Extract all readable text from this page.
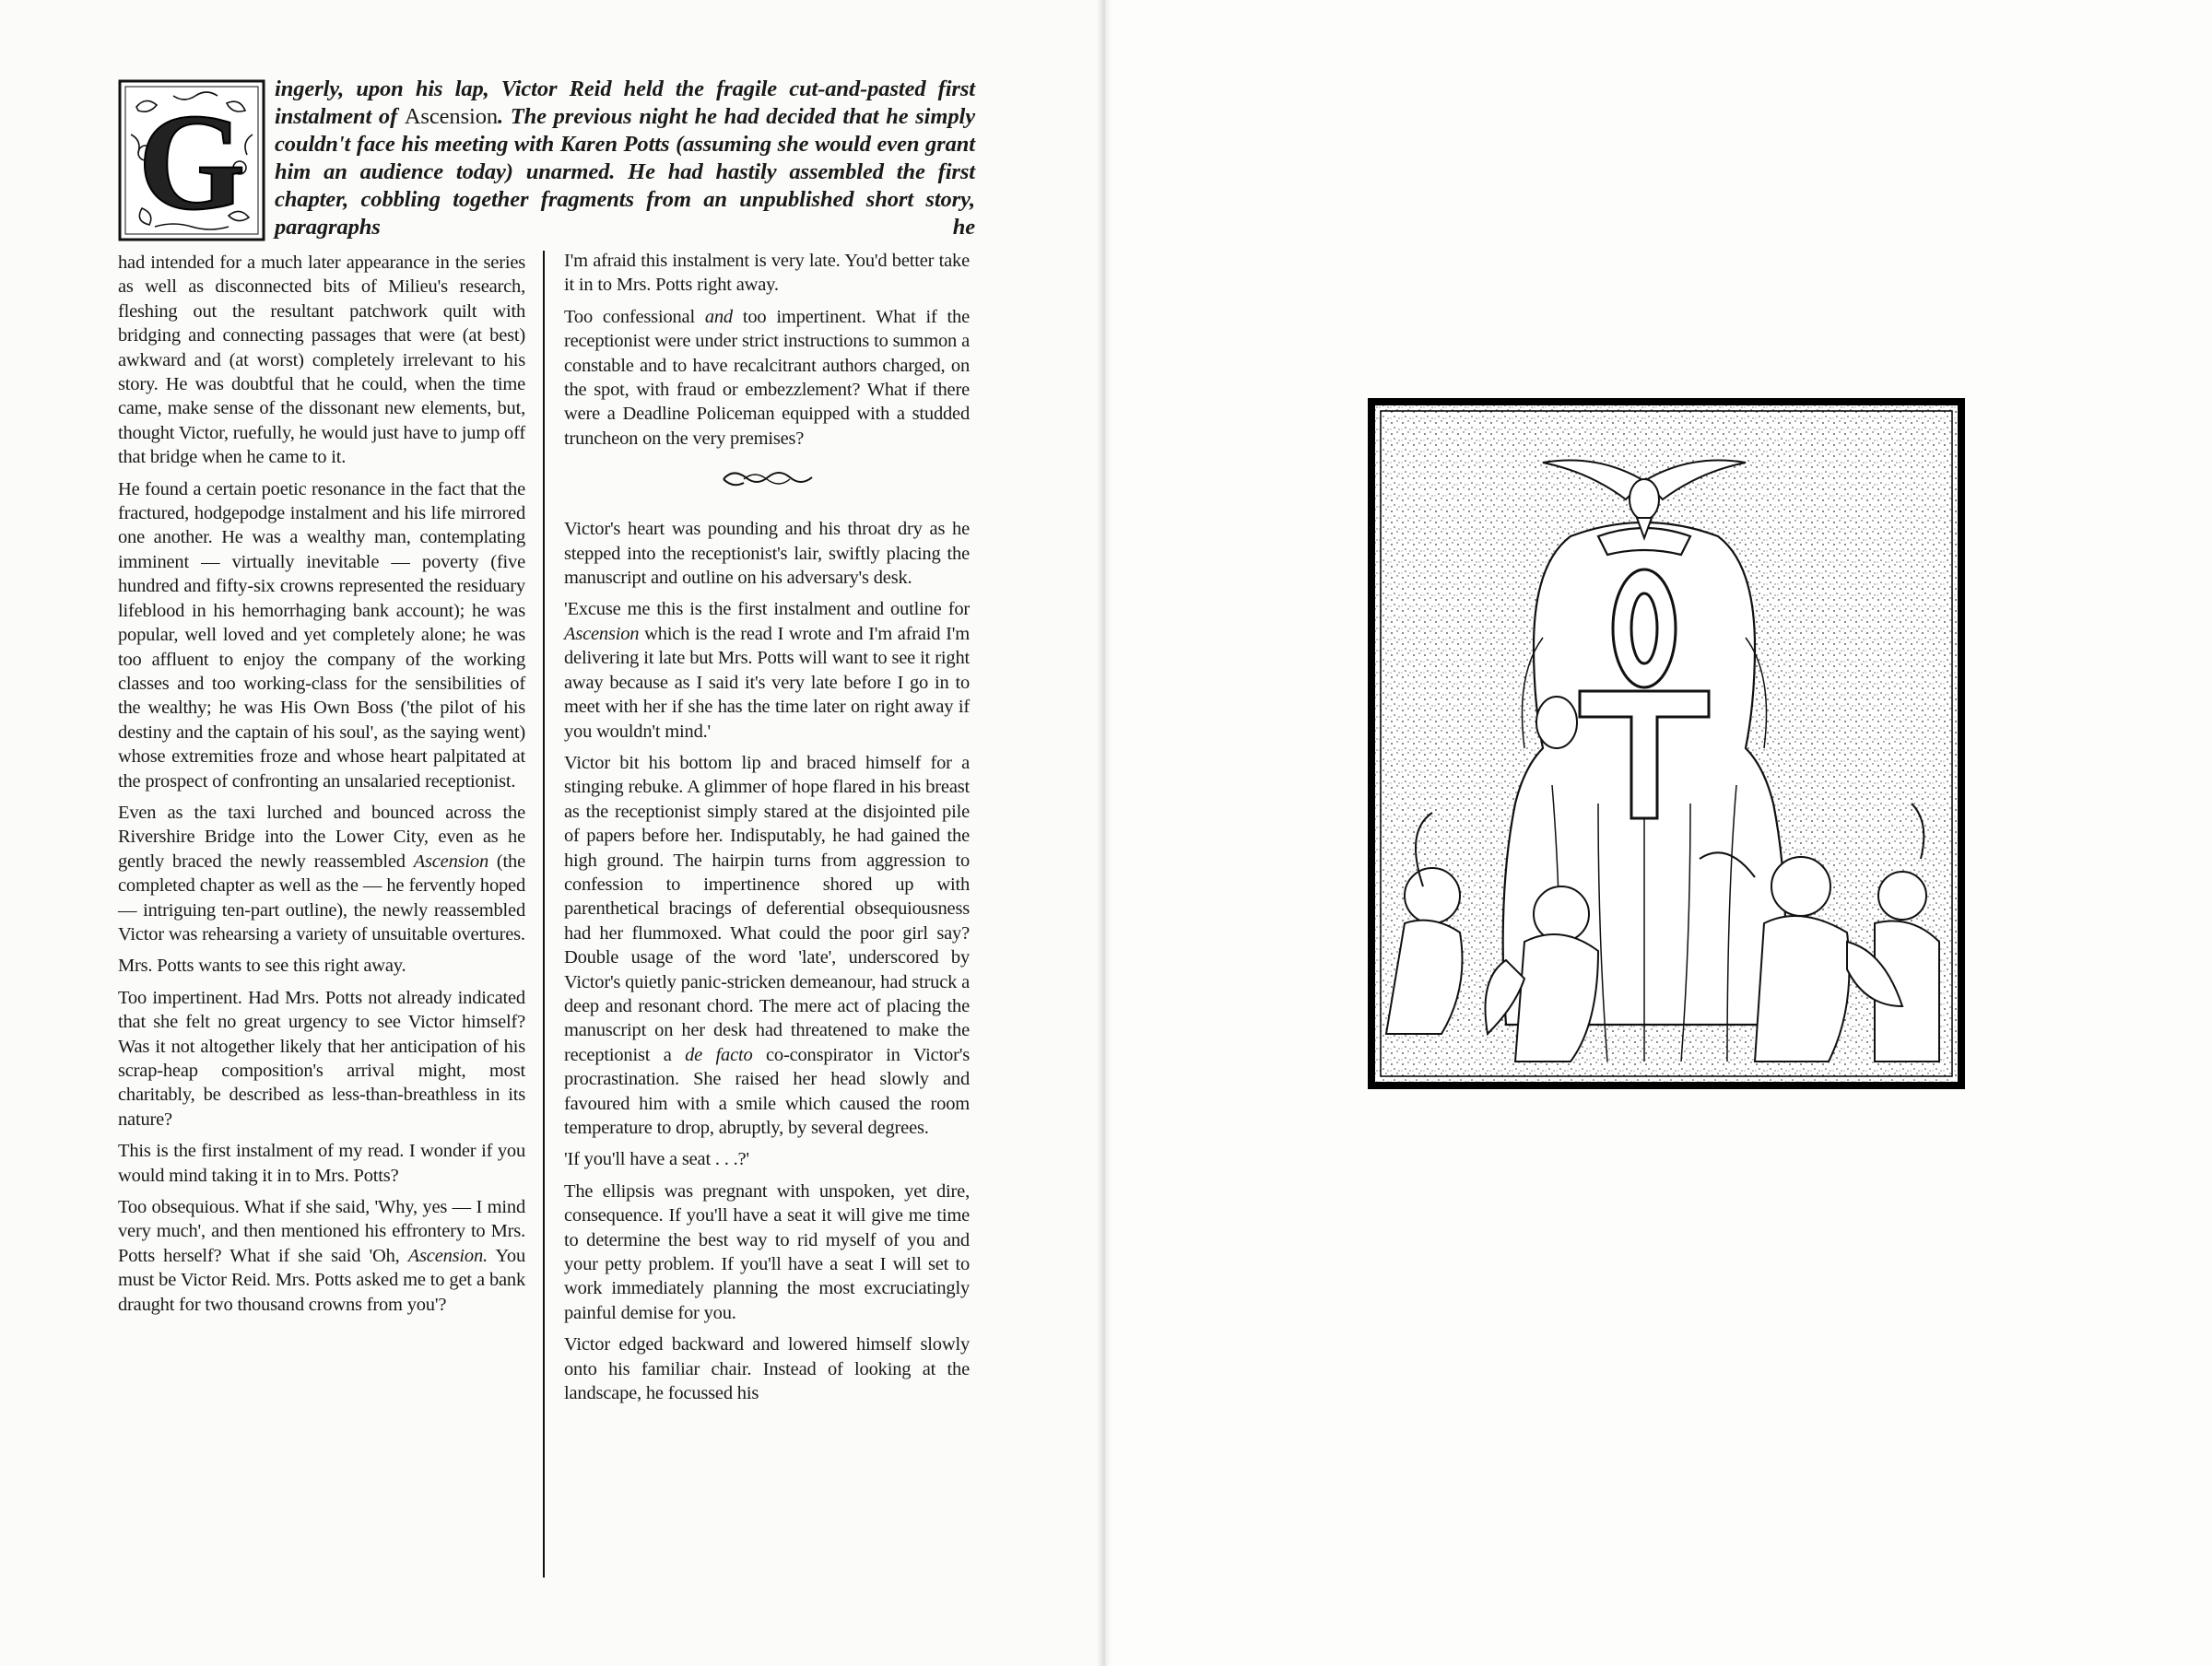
G ingerly, upon his lap, Victor Reid held the fragile cut-and-pasted first instalment of Ascension. The previous night he had decided that he simply couldn't face his meeting with Karen Potts (assuming she would even grant him an audience today) unarmed. He had hastily assembled the first chapter, cobbling together fragments from an unpublished short story, paragraphs he

had intended for a much later appearance in the series as well as disconnected bits of Milieu's research, fleshing out the resultant patchwork quilt with bridging and connecting passages that were (at best) awkward and (at worst) completely irrelevant to his story. He was doubtful that he could, when the time came, make sense of the dissonant new elements, but, thought Victor, ruefully, he would just have to jump off that bridge when he came to it.

He found a certain poetic resonance in the fact that the fractured, hodgepodge instalment and his life mirrored one another. He was a wealthy man, contemplating imminent — virtually inevitable — poverty (five hundred and fifty-six crowns represented the residuary lifeblood in his hemorrhaging bank account); he was popular, well loved and yet completely alone; he was too affluent to enjoy the company of the working classes and too working-class for the sensibilities of the wealthy; he was His Own Boss ('the pilot of his destiny and the captain of his soul', as the saying went) whose extremities froze and whose heart palpitated at the prospect of confronting an unsalaried receptionist.

Even as the taxi lurched and bounced across the Rivershire Bridge into the Lower City, even as he gently braced the newly reassembled Ascension (the completed chapter as well as the — he fervently hoped — intriguing ten-part outline), the newly reassembled Victor was rehearsing a variety of unsuitable overtures.

Mrs. Potts wants to see this right away.

Too impertinent. Had Mrs. Potts not already indicated that she felt no great urgency to see Victor himself? Was it not altogether likely that her anticipation of his scrap-heap composition's arrival might, most charitably, be described as less-than-breathless in its nature?

This is the first instalment of my read. I wonder if you would mind taking it in to Mrs. Potts?

Too obsequious. What if she said, 'Why, yes — I mind very much', and then mentioned his effrontery to Mrs. Potts herself? What if she said 'Oh, Ascension. You must be Victor Reid. Mrs. Potts asked me to get a bank draught for two thousand crowns from you'?

I'm afraid this instalment is very late. You'd better take it in to Mrs. Potts right away.

Too confessional and too impertinent. What if the receptionist were under strict instructions to summon a constable and to have recalcitrant authors charged, on the spot, with fraud or embezzlement? What if there were a Deadline Policeman equipped with a studded truncheon on the very premises?

Victor's heart was pounding and his throat dry as he stepped into the receptionist's lair, swiftly placing the manuscript and outline on his adversary's desk.

'Excuse me this is the first instalment and outline for Ascension which is the read I wrote and I'm afraid I'm delivering it late but Mrs. Potts will want to see it right away because as I said it's very late before I go in to meet with her if she has the time later on right away if you wouldn't mind.'

Victor bit his bottom lip and braced himself for a stinging rebuke. A glimmer of hope flared in his breast as the receptionist simply stared at the disjointed pile of papers before her. Indisputably, he had gained the high ground. The hairpin turns from aggression to confession to impertinence shored up with parenthetical bracings of deferential obsequiousness had her flummoxed. What could the poor girl say? Double usage of the word 'late', underscored by Victor's quietly panic-stricken demeanour, had struck a deep and resonant chord. The mere act of placing the manuscript on her desk had threatened to make the receptionist a de facto co-conspirator in Victor's procrastination. She raised her head slowly and favoured him with a smile which caused the room temperature to drop, abruptly, by several degrees.

'If you'll have a seat . . .?'

The ellipsis was pregnant with unspoken, yet dire, consequence. If you'll have a seat it will give me time to determine the best way to rid myself of you and your petty problem. If you'll have a seat I will set to work immediately planning the most excruciatingly painful demise for you.

Victor edged backward and lowered himself slowly onto his familiar chair. Instead of looking at the landscape, he focussed his
